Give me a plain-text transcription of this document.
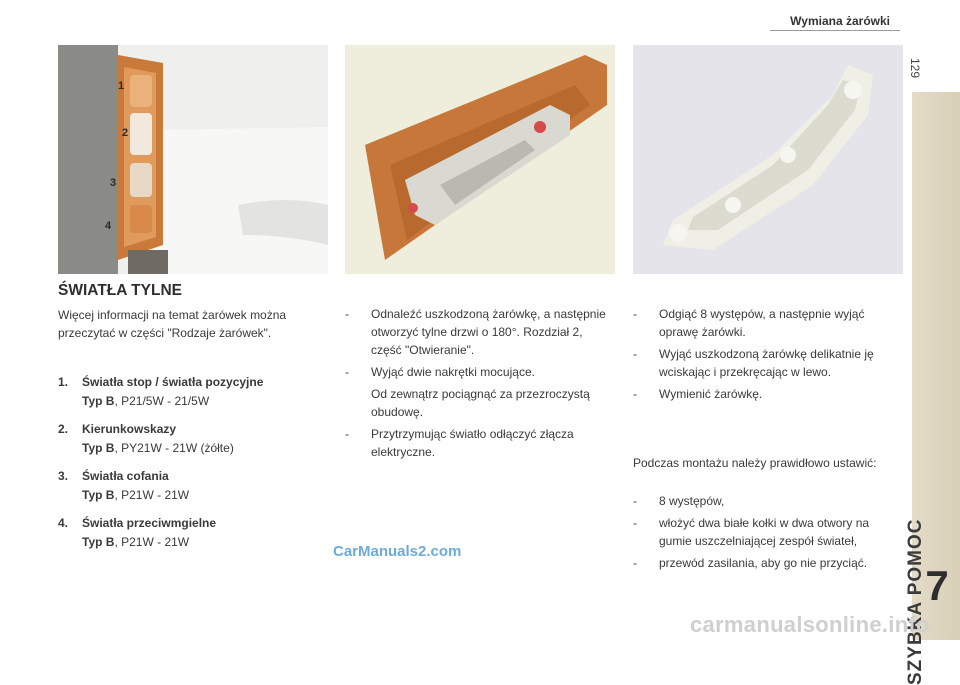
Wymiana żarówki
129
SZYBKA POMOC 7
1
2
3
4
ŚWIATŁA TYLNE
Więcej informacji na temat żarówek można przeczytać w części "Rodzaje żarówek".
1. Światła stop / światła pozycyjne
Typ B, P21/5W - 21/5W
2. Kierunkowskazy
Typ B, PY21W - 21W (żółte)
3. Światła cofania
Typ B, P21W - 21W
4. Światła przeciwmgielne
Typ B, P21W - 21W
- Odnaleźć uszkodzoną żarówkę, a następnie otworzyć tylne drzwi o 180°. Rozdział 2, część "Otwieranie".
- Wyjąć dwie nakrętki mocujące.
Od zewnątrz pociągnąć za przezroczystą obudowę.
- Przytrzymując światło odłączyć złącza elektryczne.
- Odgiąć 8 występów, a następnie wyjąć oprawę żarówki.
- Wyjąć uszkodzoną żarówkę delikatnie ję wciskając i przekręcając w lewo.
- Wymienić żarówkę.
Podczas montażu należy prawidłowo ustawić:
- 8 występów,
- włożyć dwa białe kołki w dwa otwory na gumie uszczelniającej zespół świateł,
- przewód zasilania, aby go nie przyciąć.
CarManuals2.com
carmanualsonline.info
